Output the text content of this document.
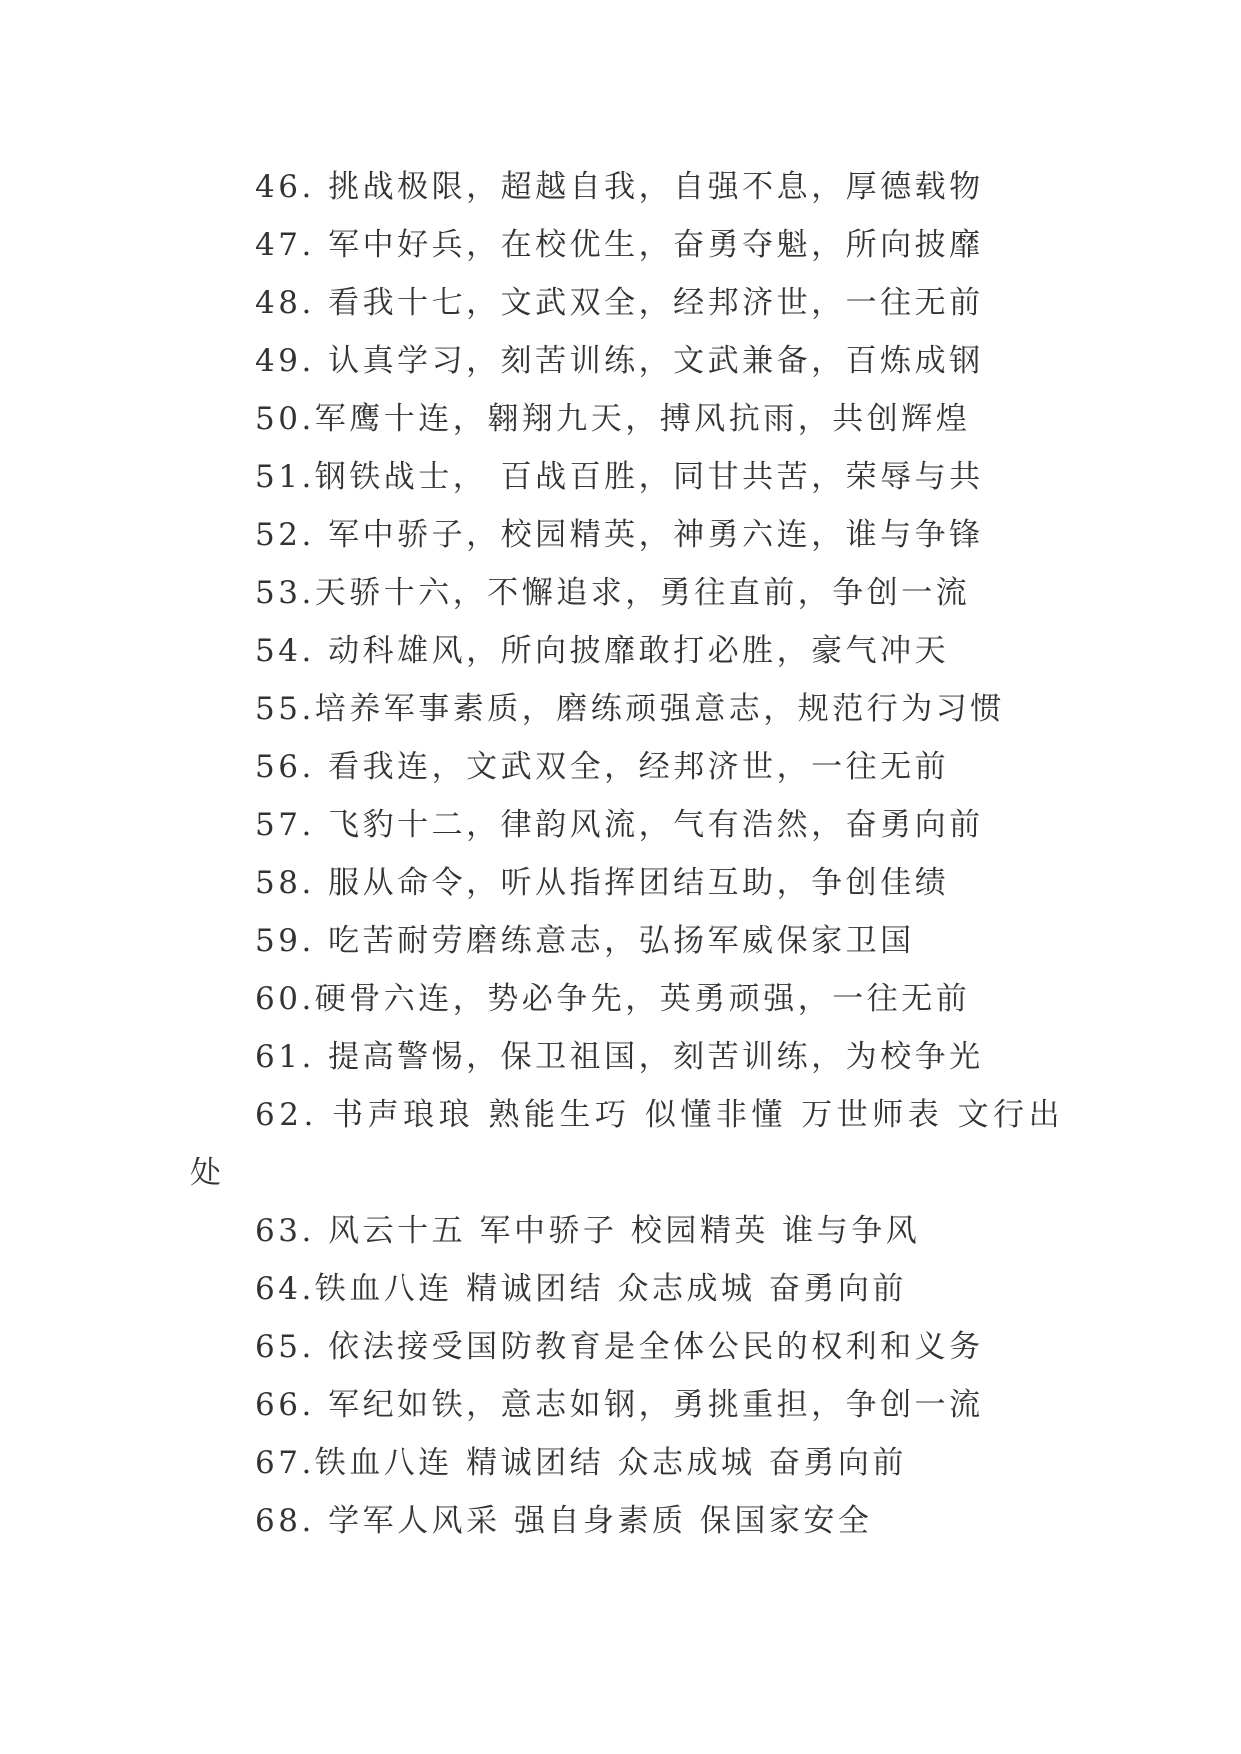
46. 挑战极限，超越自我，自强不息，厚德载物
47. 军中好兵，在校优生，奋勇夺魁，所向披靡
48. 看我十七，文武双全，经邦济世，一往无前
49. 认真学习，刻苦训练，文武兼备，百炼成钢
50.军鹰十连，翱翔九天，搏风抗雨，共创辉煌
51.钢铁战士， 百战百胜，同甘共苦，荣辱与共
52. 军中骄子，校园精英，神勇六连，谁与争锋
53.天骄十六，不懈追求，勇往直前，争创一流
54. 动科雄风，所向披靡敢打必胜，豪气冲天
55.培养军事素质，磨练顽强意志，规范行为习惯
56. 看我连，文武双全，经邦济世，一往无前
57. 飞豹十二，律韵风流，气有浩然，奋勇向前
58. 服从命令，听从指挥团结互助，争创佳绩
59. 吃苦耐劳磨练意志，弘扬军威保家卫国
60.硬骨六连，势必争先，英勇顽强，一往无前
61. 提高警惕，保卫祖国，刻苦训练，为校争光
62. 书声琅琅 熟能生巧 似懂非懂 万世师表 文行出处
63. 风云十五 军中骄子 校园精英 谁与争风
64.铁血八连 精诚团结 众志成城 奋勇向前
65. 依法接受国防教育是全体公民的权利和义务
66. 军纪如铁，意志如钢，勇挑重担，争创一流
67.铁血八连 精诚团结 众志成城 奋勇向前
68. 学军人风采 强自身素质 保国家安全
